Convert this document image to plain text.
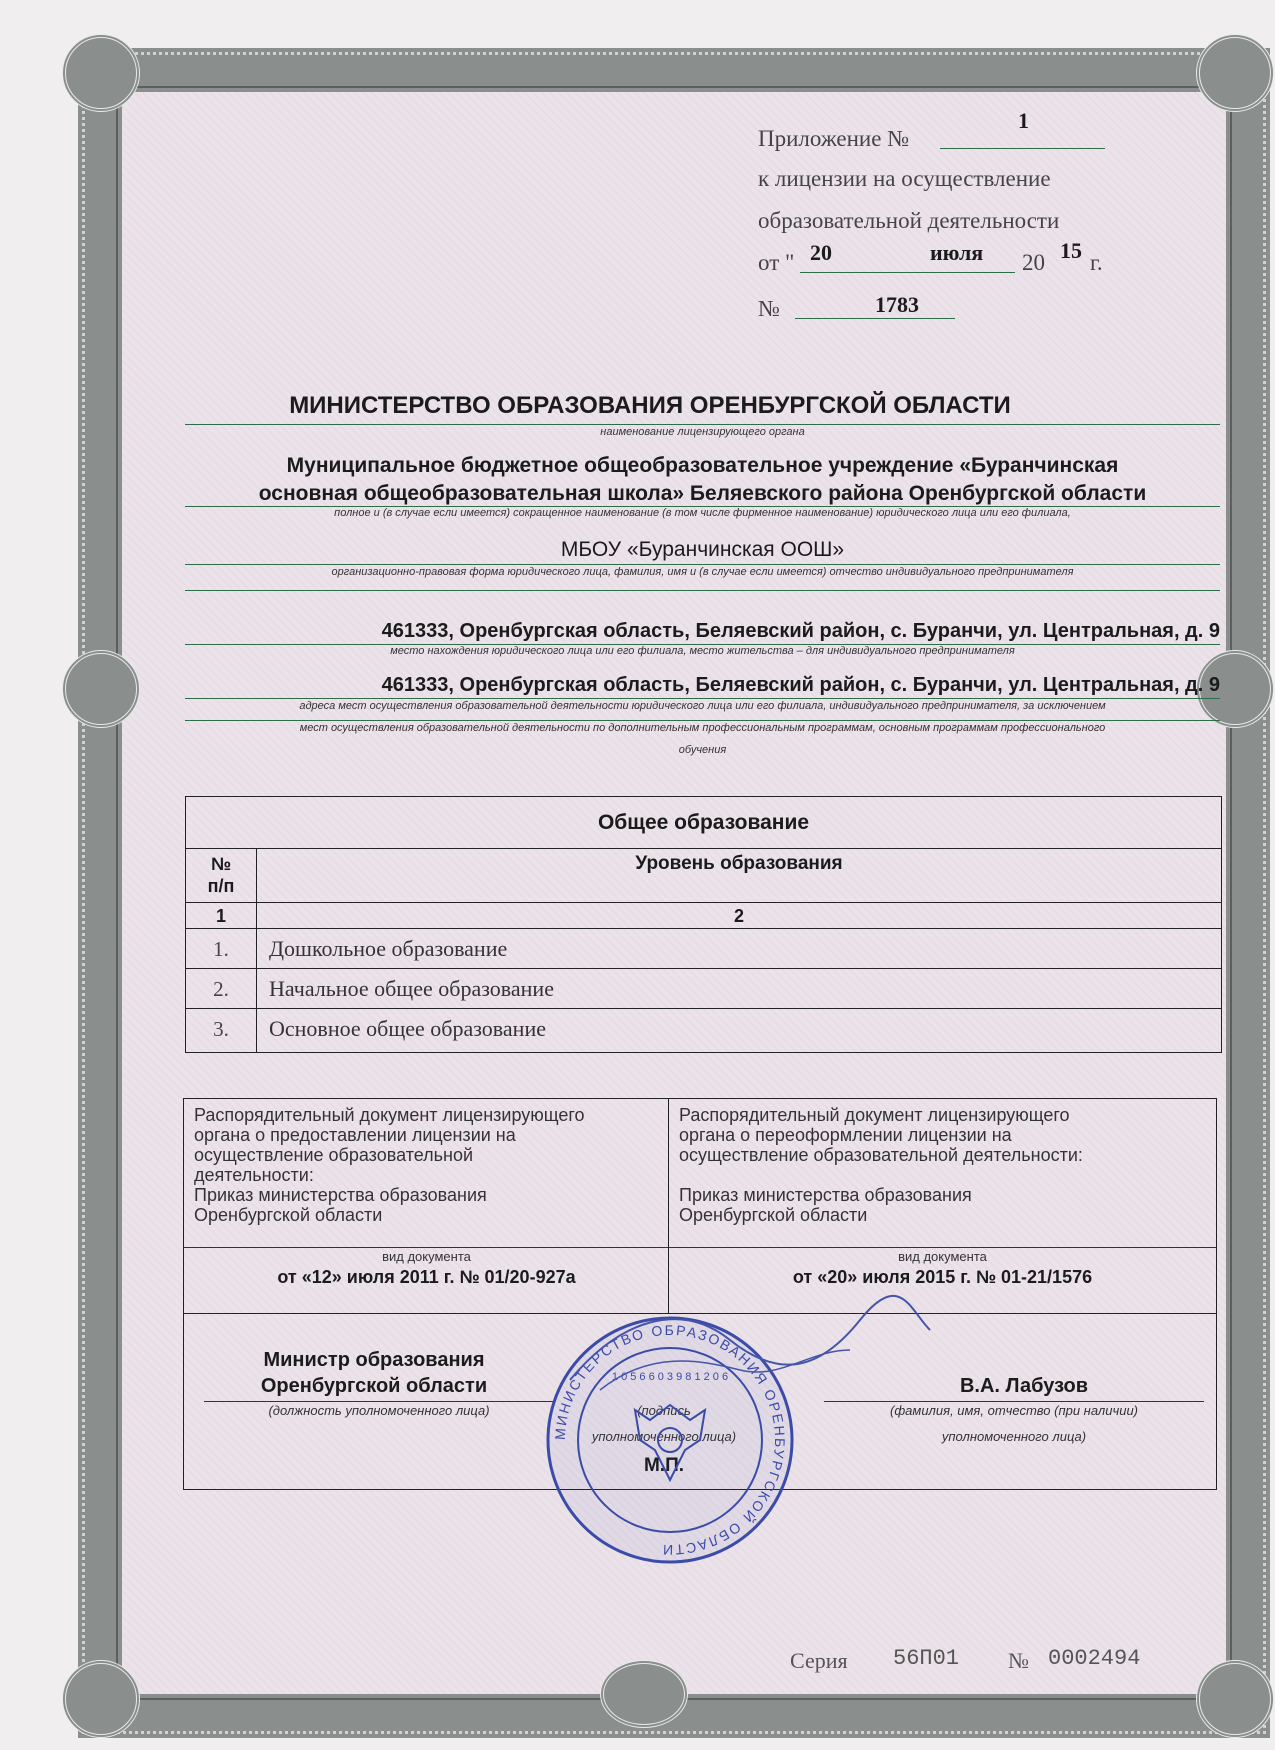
Приложение №
1
к лицензии на осуществление
образовательной деятельности
от " 20	июля 20 15 г.
№	1783
МИНИСТЕРСТВО ОБРАЗОВАНИЯ ОРЕНБУРГСКОЙ ОБЛАСТИ
наименование лицензирующего органа
Муниципальное бюджетное общеобразовательное учреждение «Буранчинская
основная общеобразовательная школа» Беляевского района Оренбургской области
полное и (в случае если имеется) сокращенное наименование (в том числе фирменное наименование) юридического лица или его филиала,
МБОУ «Буранчинская ООШ»
организационно-правовая форма юридического лица, фамилия, имя и (в случае если имеется) отчество индивидуального предпринимателя
461333, Оренбургская область, Беляевский район, с. Буранчи, ул. Центральная, д. 9
место нахождения юридического лица или его филиала, место жительства – для индивидуального предпринимателя
461333, Оренбургская область, Беляевский район, с. Буранчи, ул. Центральная, д. 9
адреса мест осуществления образовательной деятельности юридического лица или его филиала, индивидуального предпринимателя, за исключением
мест осуществления образовательной деятельности по дополнительным профессиональным программам, основным программам профессионального
обучения
Общее образование
№
п/п
Уровень образования
1	2
1.	Дошкольное образование
2.	Начальное общее образование
3.	Основное общее образование
Распорядительный документ лицензирующего
органа о предоставлении лицензии на
осуществление образовательной
деятельности:
Приказ министерства образования
Оренбургской области
вид документа
от «12» июля 2011 г. № 01/20-927а
Распорядительный документ лицензирующего
органа о переоформлении лицензии на
осуществление образовательной деятельности:

Приказ министерства образования
Оренбургской области
вид документа
от «20» июля 2015 г. № 01-21/1576
Министр образования
Оренбургской области
(должность уполномоченного лица)
В.А. Лабузов
(фамилия, имя, отчество (при наличии)
уполномоченного лица)
МИНИСТЕРСТВО ОБРАЗОВАНИЯ ОРЕНБУРГСКОЙ ОБЛАСТИ
1 0 5 6 6 0 3 9 8 1 2 0 6
Серия 56П01 № 0002494
